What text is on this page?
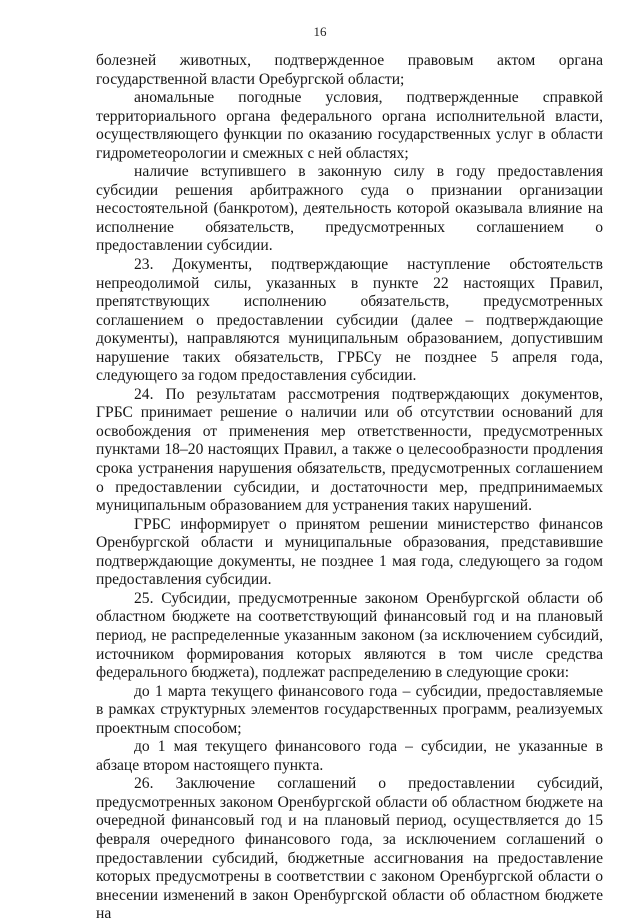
16

болезней животных, подтвержденное правовым актом органа государственной власти Оребургской области;

аномальные погодные условия, подтвержденные справкой территориального органа федерального органа исполнительной власти, осуществляющего функции по оказанию государственных услуг в области гидрометеорологии и смежных с ней областях;

наличие вступившего в законную силу в году предоставления субсидии решения арбитражного суда о признании организации несостоятельной (банкротом), деятельность которой оказывала влияние на исполнение обязательств, предусмотренных соглашением о предоставлении субсидии.

23. Документы, подтверждающие наступление обстоятельств непреодолимой силы, указанных в пункте 22 настоящих Правил, препятствующих исполнению обязательств, предусмотренных соглашением о предоставлении субсидии (далее – подтверждающие документы), направляются муниципальным образованием, допустившим нарушение таких обязательств, ГРБСу не позднее 5 апреля года, следующего за годом предоставления субсидии.

24. По результатам рассмотрения подтверждающих документов, ГРБС принимает решение о наличии или об отсутствии оснований для освобождения от применения мер ответственности, предусмотренных пунктами 18–20 настоящих Правил, а также о целесообразности продления срока устранения нарушения обязательств, предусмотренных соглашением о предоставлении субсидии, и достаточности мер, предпринимаемых муниципальным образованием для устранения таких нарушений.

ГРБС информирует о принятом решении министерство финансов Оренбургской области и муниципальные образования, представившие подтверждающие документы, не позднее 1 мая года, следующего за годом предоставления субсидии.

25. Субсидии, предусмотренные законом Оренбургской области об областном бюджете на соответствующий финансовый год и на плановый период, не распределенные указанным законом (за исключением субсидий, источником формирования которых являются в том числе средства федерального бюджета), подлежат распределению в следующие сроки:

до 1 марта текущего финансового года – субсидии, предоставляемые в рамках структурных элементов государственных программ, реализуемых проектным способом;

до 1 мая текущего финансового года – субсидии, не указанные в абзаце втором настоящего пункта.

26. Заключение соглашений о предоставлении субсидий, предусмотренных законом Оренбургской области об областном бюджете на очередной финансовый год и на плановый период, осуществляется до 15 февраля очередного финансового года, за исключением соглашений о предоставлении субсидий, бюджетные ассигнования на предоставление которых предусмотрены в соответствии с законом Оренбургской области о внесении изменений в закон Оренбургской области об областном бюджете на
